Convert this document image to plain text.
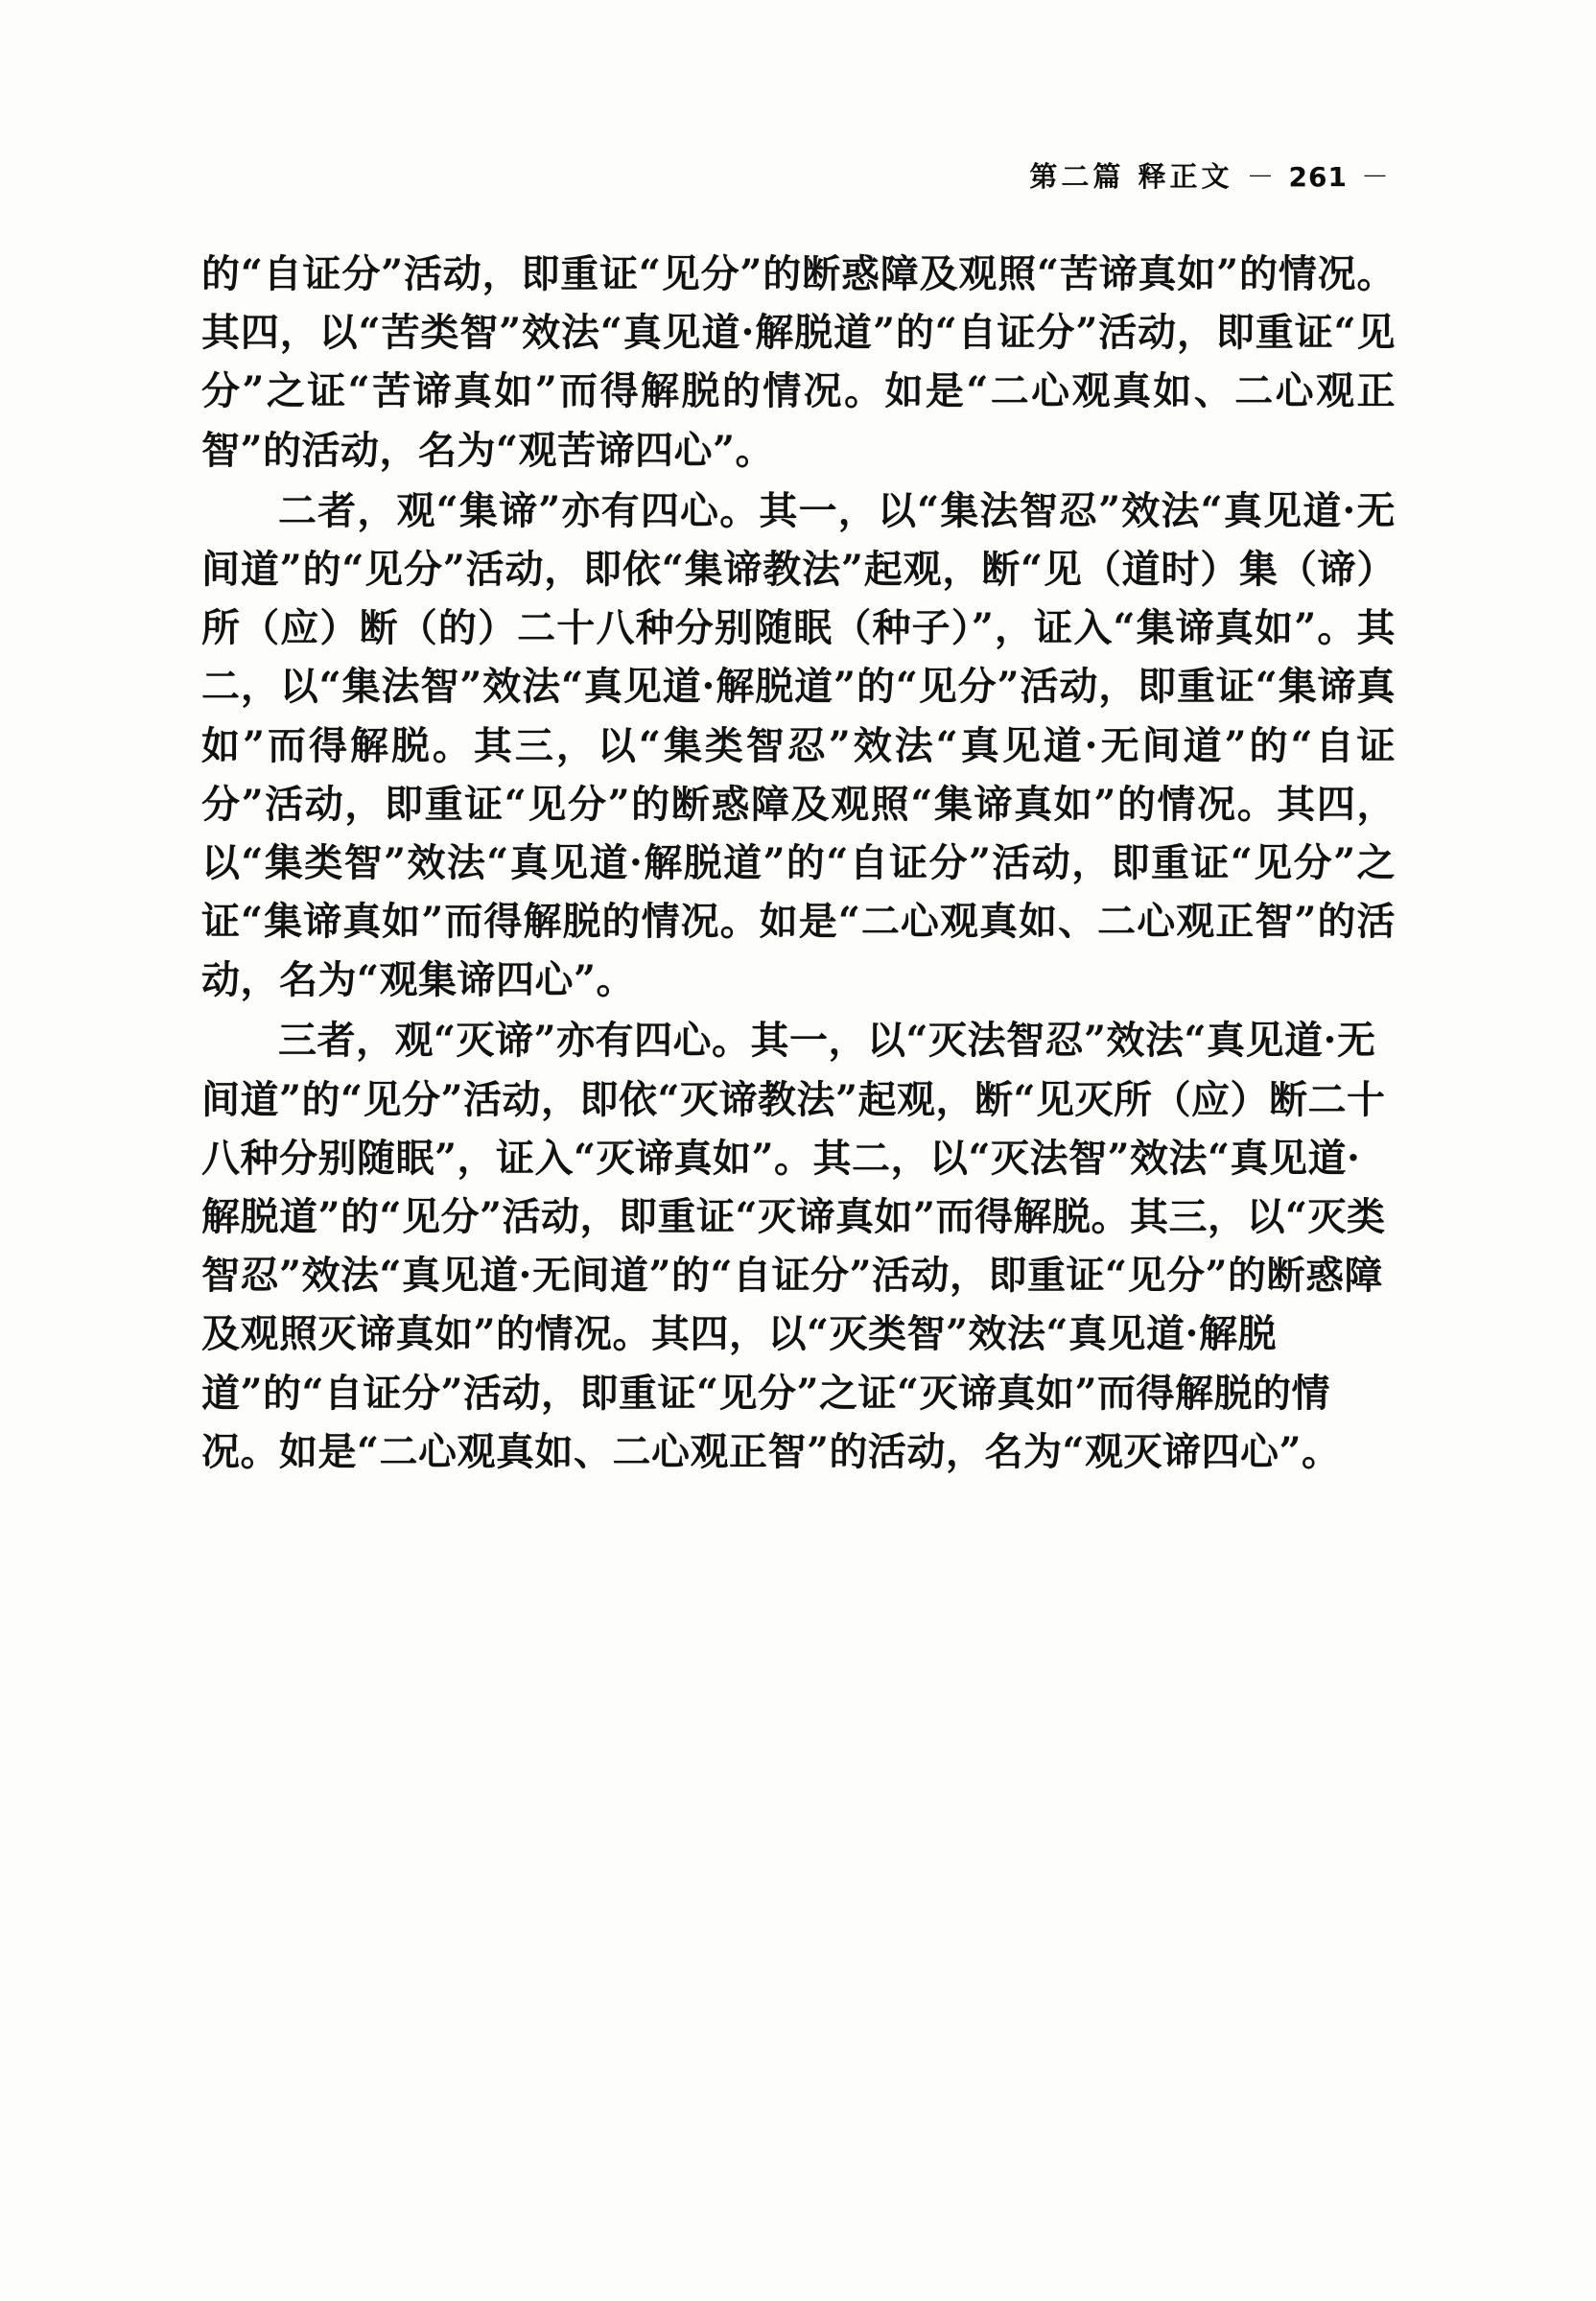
第二篇 释正文 － 261 －

的“自证分”活动，即重证“见分”的断惑障及观照“苦谛真如”的情况。其四，以“苦类智”效法“真见道·解脱道”的“自证分”活动，即重证“见分”之证“苦谛真如”而得解脱的情况。如是“二心观真如、二心观正智”的活动，名为“观苦谛四心”。

二者，观“集谛”亦有四心。其一，以“集法智忍”效法“真见道·无间道”的“见分”活动，即依“集谛教法”起观，断“见（道时）集（谛）所（应）断（的）二十八种分别随眠（种子）”，证入“集谛真如”。其二，以“集法智”效法“真见道·解脱道”的“见分”活动，即重证“集谛真如”而得解脱。其三，以“集类智忍”效法“真见道·无间道”的“自证分”活动，即重证“见分”的断惑障及观照“集谛真如”的情况。其四，以“集类智”效法“真见道·解脱道”的“自证分”活动，即重证“见分”之证“集谛真如”而得解脱的情况。如是“二心观真如、二心观正智”的活动，名为“观集谛四心”。

三者，观“灭谛”亦有四心。其一，以“灭法智忍”效法“真见道·无间道”的“见分”活动，即依“灭谛教法”起观，断“见灭所（应）断二十八种分别随眠”，证入“灭谛真如”。其二，以“灭法智”效法“真见道·解脱道”的“见分”活动，即重证“灭谛真如”而得解脱。其三，以“灭类智忍”效法“真见道·无间道”的“自证分”活动，即重证“见分”的断惑障及观照灭谛真如”的情况。其四，以“灭类智”效法“真见道·解脱道”的“自证分”活动，即重证“见分”之证“灭谛真如”而得解脱的情况。如是“二心观真如、二心观正智”的活动，名为“观灭谛四心”。
